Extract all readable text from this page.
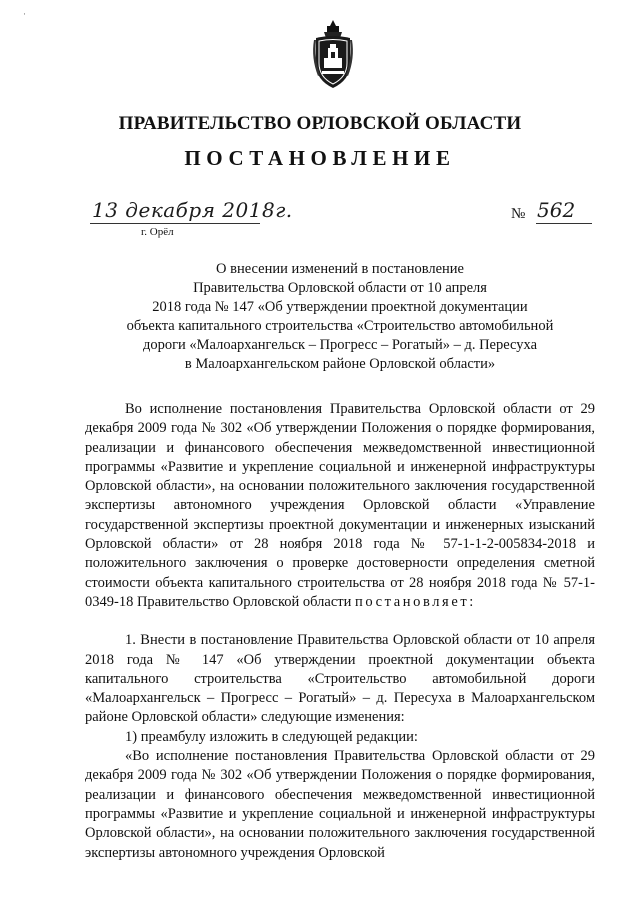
·
ПРАВИТЕЛЬСТВО ОРЛОВСКОЙ ОБЛАСТИ
ПОСТАНОВЛЕНИЕ
13 декабря 2018г.
г. Орёл
№ 562
О внесении изменений в постановление
Правительства Орловской области от 10 апреля
2018 года № 147 «Об утверждении проектной документации
объекта капитального строительства «Строительство автомобильной
дороги «Малоархангельск – Прогресс – Рогатый» – д. Пересуха
в Малоархангельском районе Орловской области»

Во исполнение постановления Правительства Орловской области от 29 декабря 2009 года № 302 «Об утверждении Положения о порядке формирования, реализации и финансового обеспечения межведомственной инвестиционной программы «Развитие и укрепление социальной и инженерной инфраструктуры Орловской области», на основании положительного заключения государственной экспертизы автономного учреждения Орловской области «Управление государственной экспертизы проектной документации и инженерных изысканий Орловской области» от 28 ноября 2018 года № 57-1-1-2-005834-2018 и положительного заключения о проверке достоверности определения сметной стоимости объекта капитального строительства от 28 ноября 2018 года № 57-1-0349-18 Правительство Орловской области постановляет:

1. Внести в постановление Правительства Орловской области от 10 апреля 2018 года № 147 «Об утверждении проектной документации объекта капитального строительства «Строительство автомобильной дороги «Малоархангельск – Прогресс – Рогатый» – д. Пересуха в Малоархангельском районе Орловской области» следующие изменения:

1) преамбулу изложить в следующей редакции:

«Во исполнение постановления Правительства Орловской области от 29 декабря 2009 года № 302 «Об утверждении Положения о порядке формирования, реализации и финансового обеспечения межведомственной инвестиционной программы «Развитие и укрепление социальной и инженерной инфраструктуры Орловской области», на основании положительного заключения государственной экспертизы автономного учреждения Орловской
